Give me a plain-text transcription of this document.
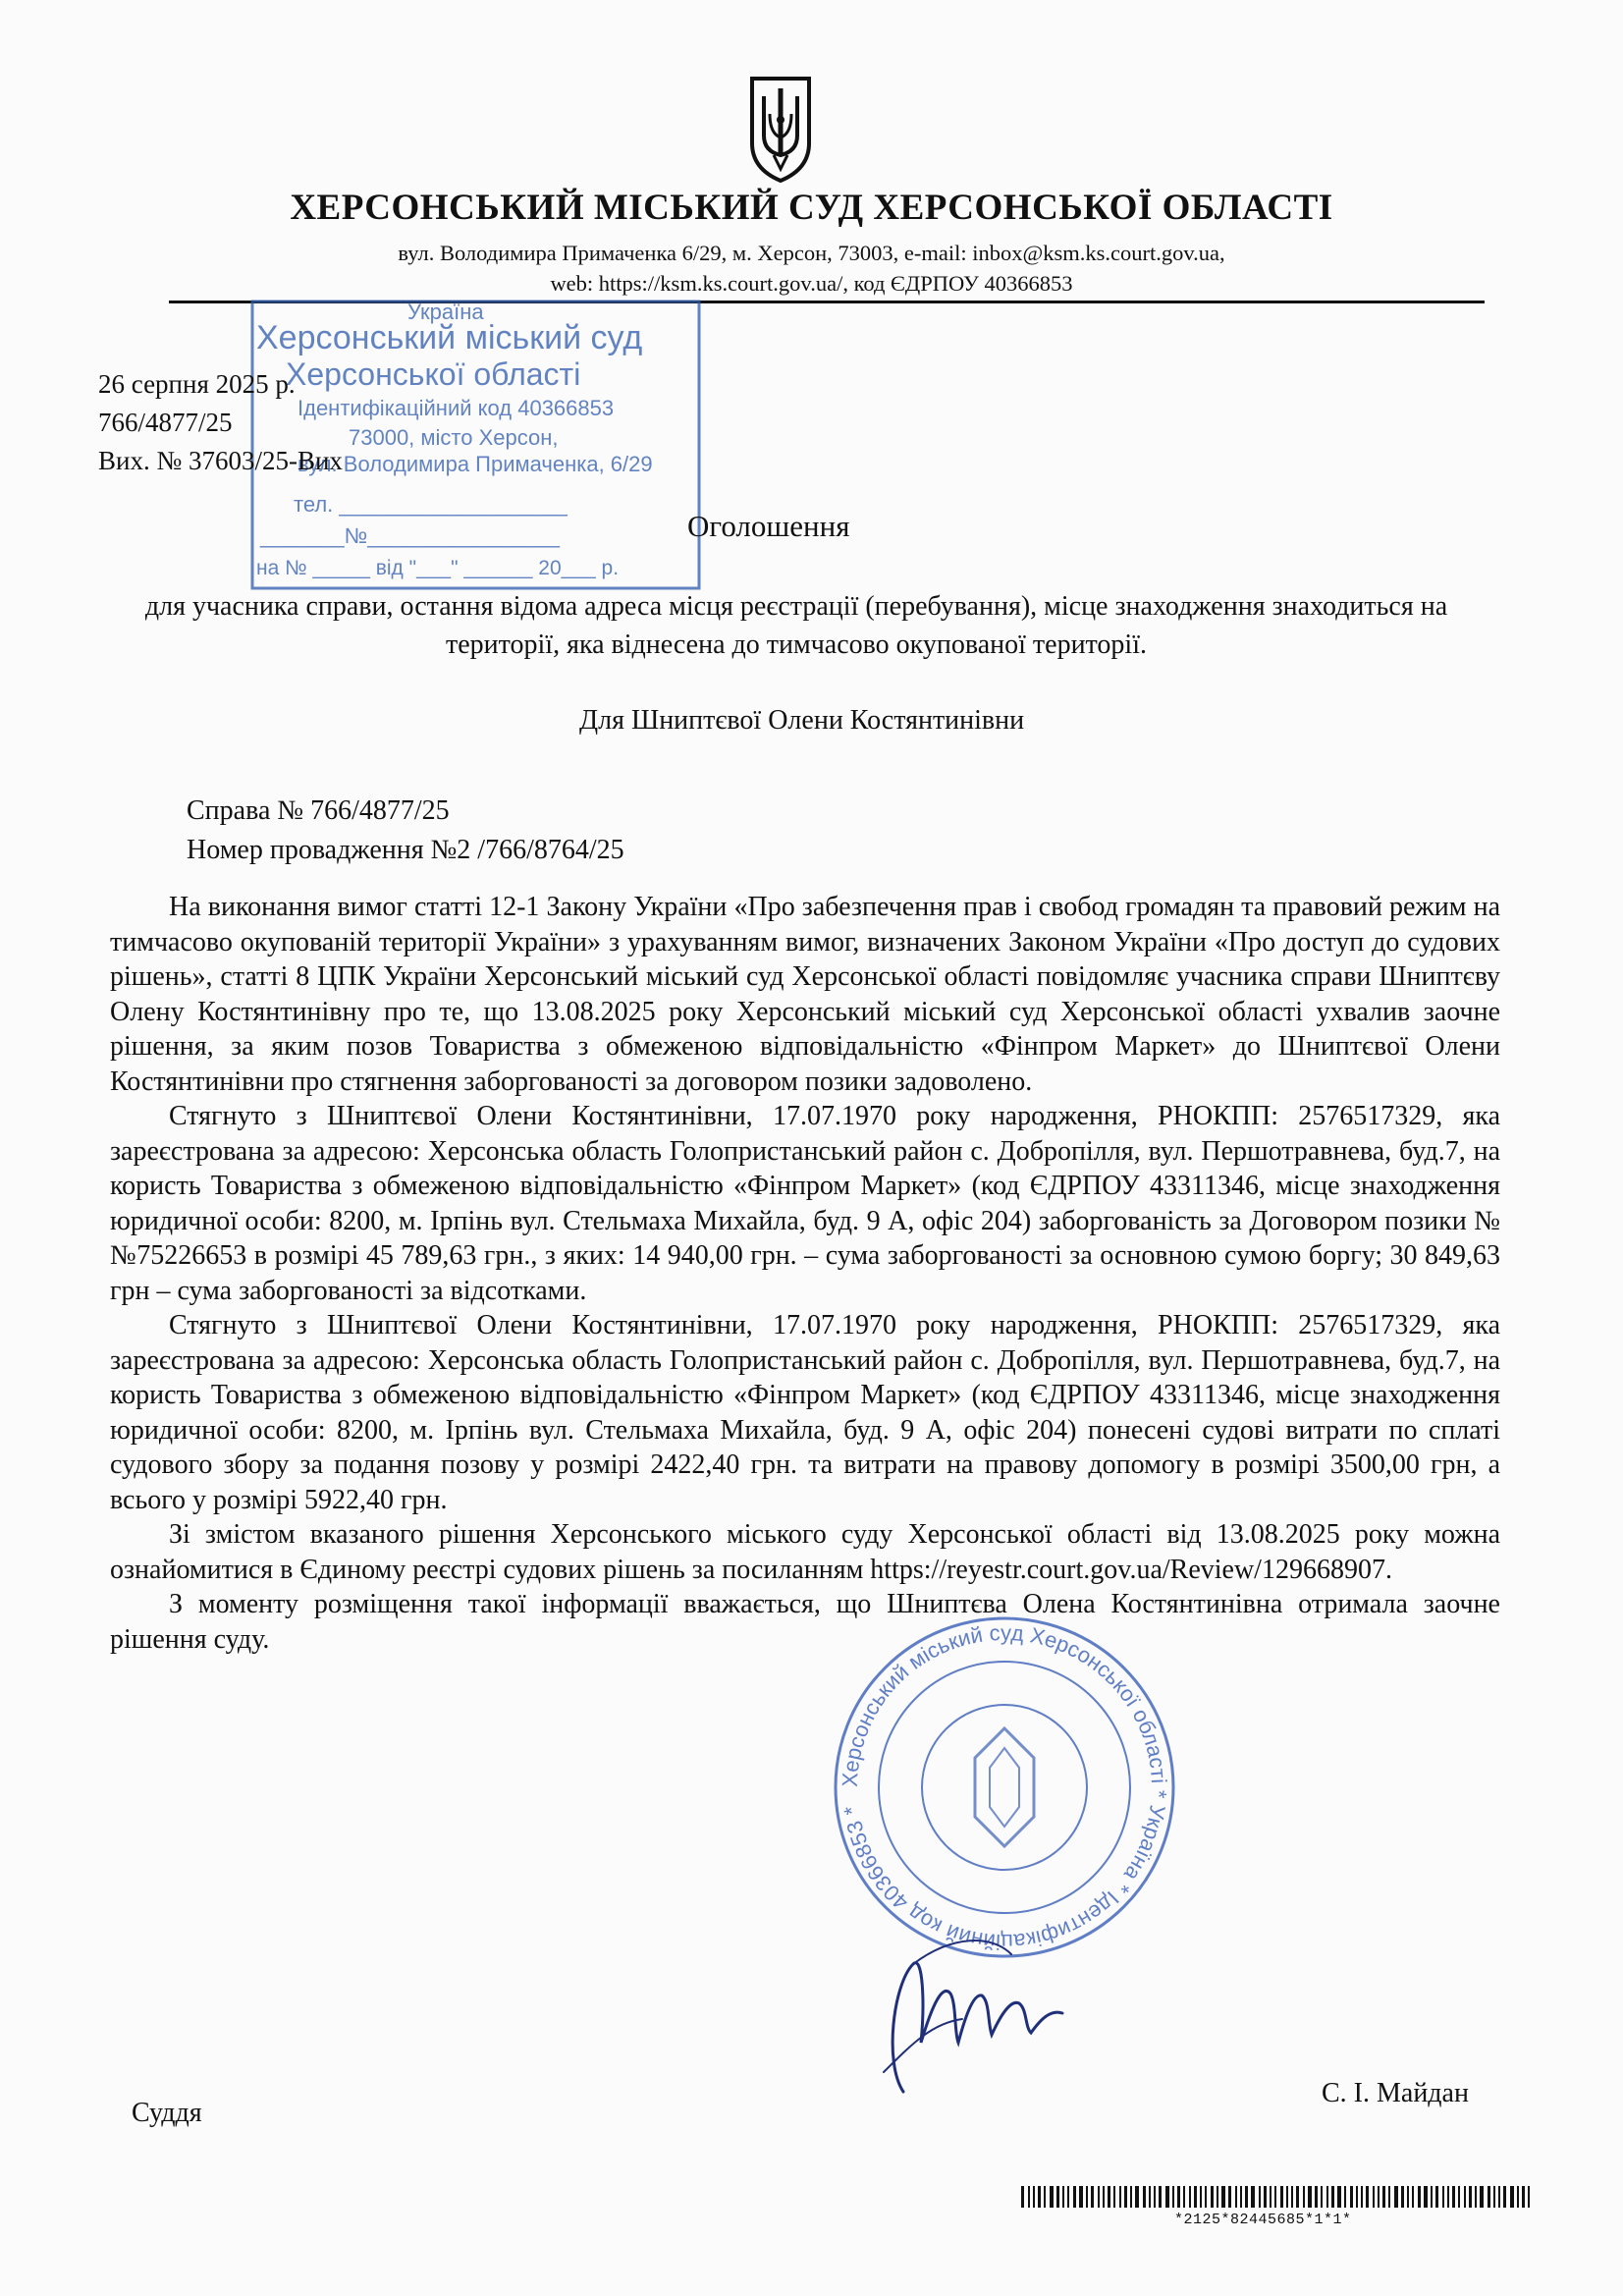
ХЕРСОНСЬКИЙ МІСЬКИЙ СУД ХЕРСОНСЬКОЇ ОБЛАСТІ
вул. Володимира Примаченка 6/29, м. Херсон, 73003, e-mail: inbox@ksm.ks.court.gov.ua,
web: https://ksm.ks.court.gov.ua/, код ЄДРПОУ 40366853
Україна
Херсонський міський суд
Херсонської області
Ідентифікаційний код 40366853
73000, місто Херсон,
вул. Володимира Примаченка, 6/29
тел. ___________________
_______№________________
на № _____ від "___" ______ 20___ р.
26 серпня 2025 р.
766/4877/25
Вих. № 37603/25-Вих
Оголошення
для учасника справи, остання відома адреса місця реєстрації (перебування), місце знаходження знаходиться на території, яка віднесена до тимчасово окупованої території.
Для Шниптєвої Олени Костянтинівни
Справа № 766/4877/25
Номер провадження №2 /766/8764/25

На виконання вимог статті 12-1 Закону України «Про забезпечення прав і свобод громадян та правовий режим на тимчасово окупованій території України» з урахуванням вимог, визначених Законом України «Про доступ до судових рішень», статті 8 ЦПК України Херсонський міський суд Херсонської області повідомляє учасника справи Шниптєву Олену Костянтинівну про те, що 13.08.2025 року Херсонський міський суд Херсонської області ухвалив заочне рішення, за яким позов Товариства з обмеженою відповідальністю «Фінпром Маркет» до Шниптєвої Олени Костянтинівни про стягнення заборгованості за договором позики задоволено.

Стягнуто з Шниптєвої Олени Костянтинівни, 17.07.1970 року народження, РНОКПП: 2576517329, яка зареєстрована за адресою: Херсонська область Голопристанський район с. Добропілля, вул. Першотравнева, буд.7, на користь Товариства з обмеженою відповідальністю «Фінпром Маркет» (код ЄДРПОУ 43311346, місце знаходження юридичної особи: 8200, м. Ірпінь вул. Стельмаха Михайла, буд. 9 А, офіс 204) заборгованість за Договором позики № №75226653 в розмірі 45 789,63 грн., з яких: 14 940,00 грн. – сума заборгованості за основною сумою боргу; 30 849,63 грн – сума заборгованості за відсотками.

Стягнуто з Шниптєвої Олени Костянтинівни, 17.07.1970 року народження, РНОКПП: 2576517329, яка зареєстрована за адресою: Херсонська область Голопристанський район с. Добропілля, вул. Першотравнева, буд.7, на користь Товариства з обмеженою відповідальністю «Фінпром Маркет» (код ЄДРПОУ 43311346, місце знаходження юридичної особи: 8200, м. Ірпінь вул. Стельмаха Михайла, буд. 9 А, офіс 204) понесені судові витрати по сплаті судового збору за подання позову у розмірі 2422,40 грн. та витрати на правову допомогу в розмірі 3500,00 грн, а всього у розмірі 5922,40 грн.

Зі змістом вказаного рішення Херсонського міського суду Херсонської області від 13.08.2025 року можна ознайомитися в Єдиному реєстрі судових рішень за посиланням https://reyestr.court.gov.ua/Review/129668907.

З моменту розміщення такої інформації вважається, що Шниптєва Олена Костянтинівна отримала заочне рішення суду.

Херсонський міський суд Херсонської області * Україна * Ідентифікаційний код 40366853 *
Суддя
С. І. Майдан
*2125*82445685*1*1*
